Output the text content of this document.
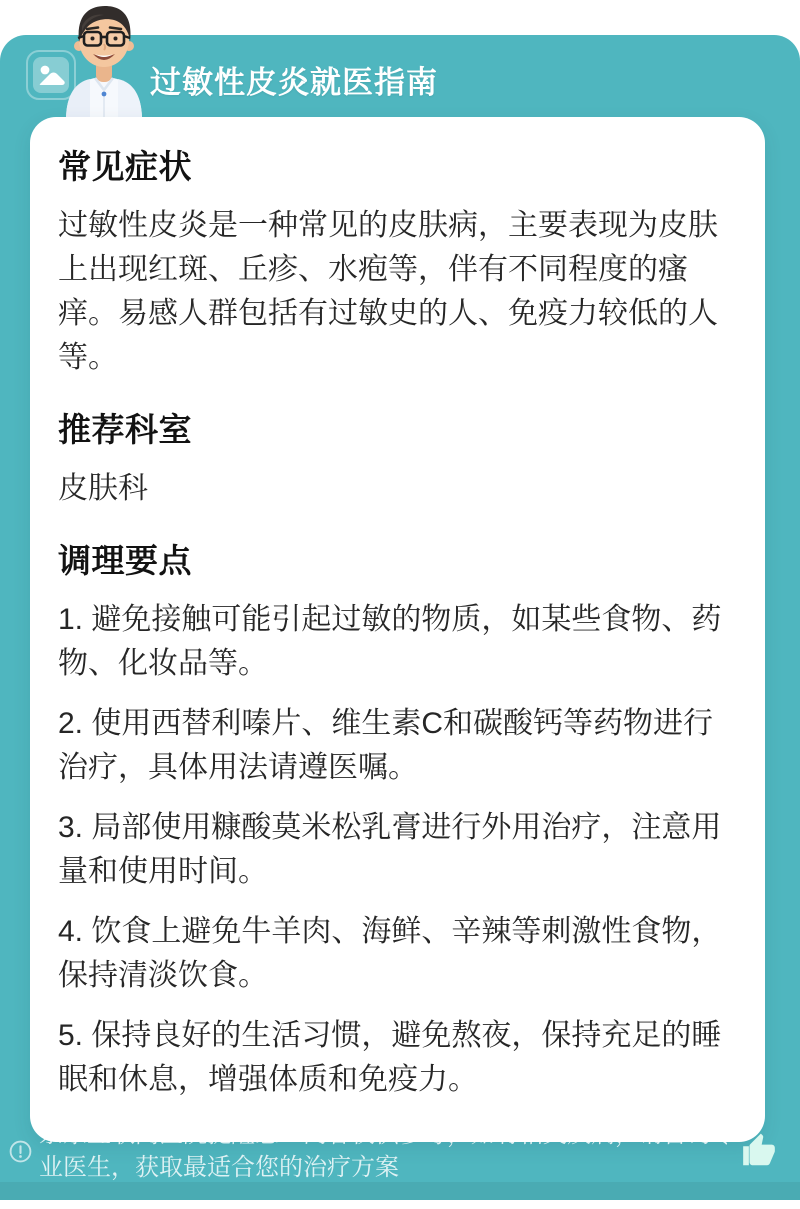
过敏性皮炎就医指南
常见症状

过敏性皮炎是一种常见的皮肤病，主要表现为皮肤上出现红斑、丘疹、水疱等，伴有不同程度的瘙痒。易感人群包括有过敏史的人、免疫力较低的人等。

推荐科室

皮肤科

调理要点

1. 避免接触可能引起过敏的物质，如某些食物、药物、化妆品等。

2. 使用西替利嗪片、维生素C和碳酸钙等药物进行治疗，具体用法请遵医嘱。

3. 局部使用糠酸莫米松乳膏进行外用治疗，注意用量和使用时间。

4. 饮食上避免牛羊肉、海鲜、辛辣等刺激性食物，保持清淡饮食。

5. 保持良好的生活习惯，避免熬夜，保持充足的睡眠和休息，增强体质和免疫力。

京东互联网医院提醒您：内容仅供参考，如有相关疾病，请咨询专业医生，获取最适合您的治疗方案
